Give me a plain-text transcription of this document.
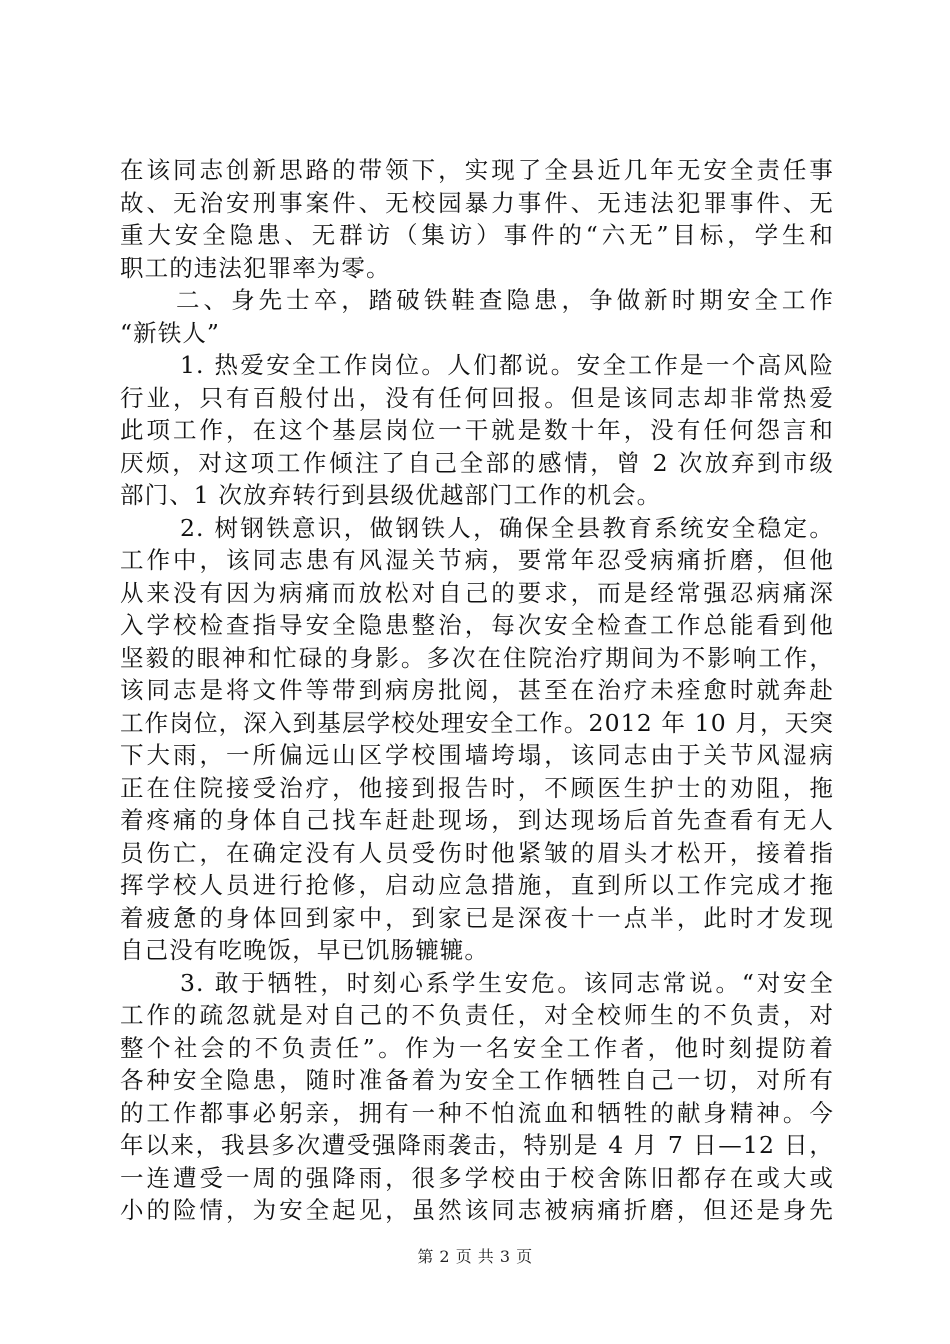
在该同志创新思路的带领下，实现了全县近几年无安全责任事
故、无治安刑事案件、无校园暴力事件、无违法犯罪事件、无
重大安全隐患、无群访（集访）事件的“六无”目标，学生和
职工的违法犯罪率为零。
二、身先士卒，踏破铁鞋查隐患，争做新时期安全工作
“新铁人”
1. 热爱安全工作岗位。人们都说。安全工作是一个高风险
行业，只有百般付出，没有任何回报。但是该同志却非常热爱
此项工作，在这个基层岗位一干就是数十年，没有任何怨言和
厌烦，对这项工作倾注了自己全部的感情，曾 2 次放弃到市级
部门、1 次放弃转行到县级优越部门工作的机会。
2. 树钢铁意识，做钢铁人，确保全县教育系统安全稳定。
工作中，该同志患有风湿关节病，要常年忍受病痛折磨，但他
从来没有因为病痛而放松对自己的要求，而是经常强忍病痛深
入学校检查指导安全隐患整治，每次安全检查工作总能看到他
坚毅的眼神和忙碌的身影。多次在住院治疗期间为不影响工作，
该同志是将文件等带到病房批阅，甚至在治疗未痊愈时就奔赴
工作岗位，深入到基层学校处理安全工作。2012 年 10 月，天突
下大雨，一所偏远山区学校围墙垮塌，该同志由于关节风湿病
正在住院接受治疗，他接到报告时，不顾医生护士的劝阻，拖
着疼痛的身体自己找车赶赴现场，到达现场后首先查看有无人
员伤亡，在确定没有人员受伤时他紧皱的眉头才松开，接着指
挥学校人员进行抢修，启动应急措施，直到所以工作完成才拖
着疲惫的身体回到家中，到家已是深夜十一点半，此时才发现
自己没有吃晚饭，早已饥肠辘辘。
3. 敢于牺牲，时刻心系学生安危。该同志常说。“对安全
工作的疏忽就是对自己的不负责任，对全校师生的不负责，对
整个社会的不负责任”。作为一名安全工作者，他时刻提防着
各种安全隐患，随时准备着为安全工作牺牲自己一切，对所有
的工作都事必躬亲，拥有一种不怕流血和牺牲的献身精神。今
年以来，我县多次遭受强降雨袭击，特别是 4 月 7 日—12 日，
一连遭受一周的强降雨，很多学校由于校舍陈旧都存在或大或
小的险情，为安全起见，虽然该同志被病痛折磨，但还是身先
第 2 页 共 3 页
